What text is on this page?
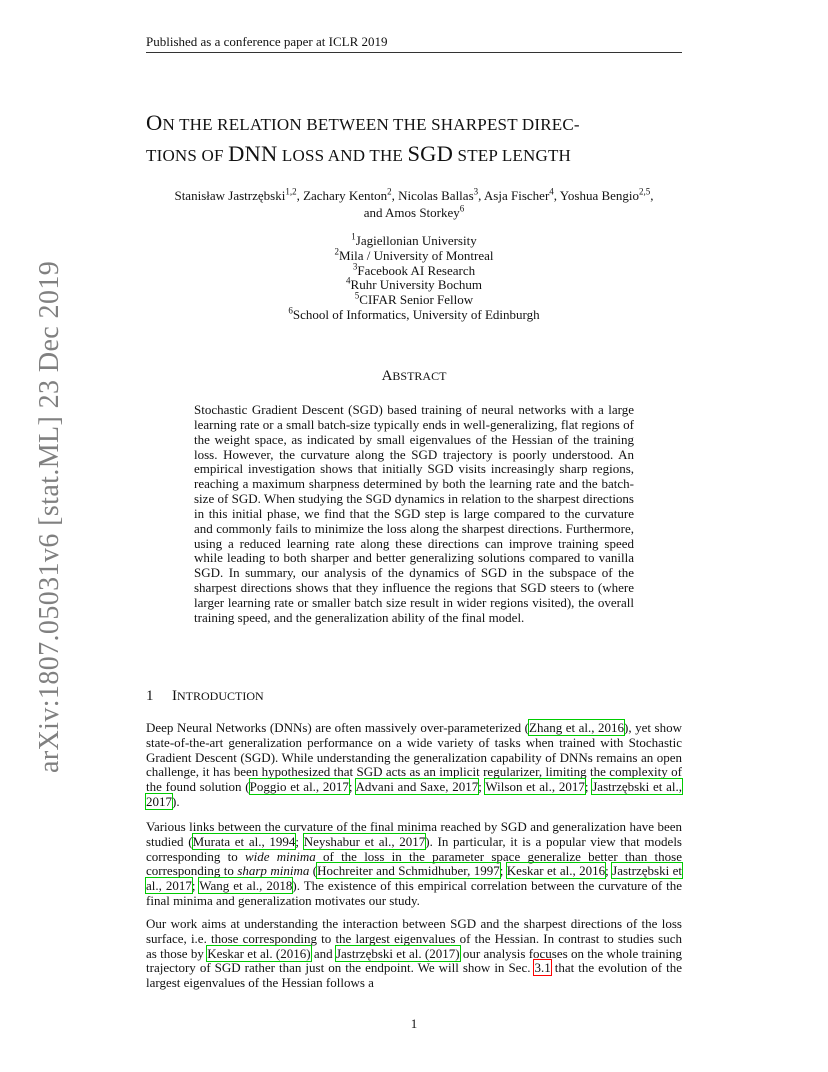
Published as a conference paper at ICLR 2019
arXiv:1807.05031v6 [stat.ML] 23 Dec 2019
ON THE RELATION BETWEEN THE SHARPEST DIREC-
TIONS OF DNN LOSS AND THE SGD STEP LENGTH
Stanisław Jastrzębski$^{1,2}$, Zachary Kenton$^2$, Nicolas Ballas$^3$, Asja Fischer$^4$, Yoshua Bengio$^{2,5}$,
and Amos Storkey$^6$
$^1$Jagiellonian University
$^2$Mila / University of Montreal
$^3$Facebook AI Research
$^4$Ruhr University Bochum
$^5$CIFAR Senior Fellow
$^6$School of Informatics, University of Edinburgh
ABSTRACT
Stochastic Gradient Descent (SGD) based training of neural networks with a large learning rate or a small batch-size typically ends in well-generalizing, flat regions of the weight space, as indicated by small eigenvalues of the Hessian of the training loss. However, the curvature along the SGD trajectory is poorly understood. An empirical investigation shows that initially SGD visits increasingly sharp regions, reaching a maximum sharpness determined by both the learning rate and the batch-size of SGD. When studying the SGD dynamics in relation to the sharpest directions in this initial phase, we find that the SGD step is large compared to the curvature and commonly fails to minimize the loss along the sharpest directions. Furthermore, using a reduced learning rate along these directions can improve training speed while leading to both sharper and better generalizing solutions compared to vanilla SGD. In summary, our analysis of the dynamics of SGD in the subspace of the sharpest directions shows that they influence the regions that SGD steers to (where larger learning rate or smaller batch size result in wider regions visited), the overall training speed, and the generalization ability of the final model.
1 INTRODUCTION
Deep Neural Networks (DNNs) are often massively over-parameterized (Zhang et al., 2016), yet show state-of-the-art generalization performance on a wide variety of tasks when trained with Stochastic Gradient Descent (SGD). While understanding the generalization capability of DNNs remains an open challenge, it has been hypothesized that SGD acts as an implicit regularizer, limiting the complexity of the found solution (Poggio et al., 2017; Advani and Saxe, 2017; Wilson et al., 2017; Jastrzębski et al., 2017).
Various links between the curvature of the final minima reached by SGD and generalization have been studied (Murata et al., 1994; Neyshabur et al., 2017). In particular, it is a popular view that models corresponding to wide minima of the loss in the parameter space generalize better than those corresponding to sharp minima (Hochreiter and Schmidhuber, 1997; Keskar et al., 2016; Jastrzębski et al., 2017; Wang et al., 2018). The existence of this empirical correlation between the curvature of the final minima and generalization motivates our study.
Our work aims at understanding the interaction between SGD and the sharpest directions of the loss surface, i.e. those corresponding to the largest eigenvalues of the Hessian. In contrast to studies such as those by Keskar et al. (2016) and Jastrzębski et al. (2017) our analysis focuses on the whole training trajectory of SGD rather than just on the endpoint. We will show in Sec. 3.1 that the evolution of the largest eigenvalues of the Hessian follows a
1
